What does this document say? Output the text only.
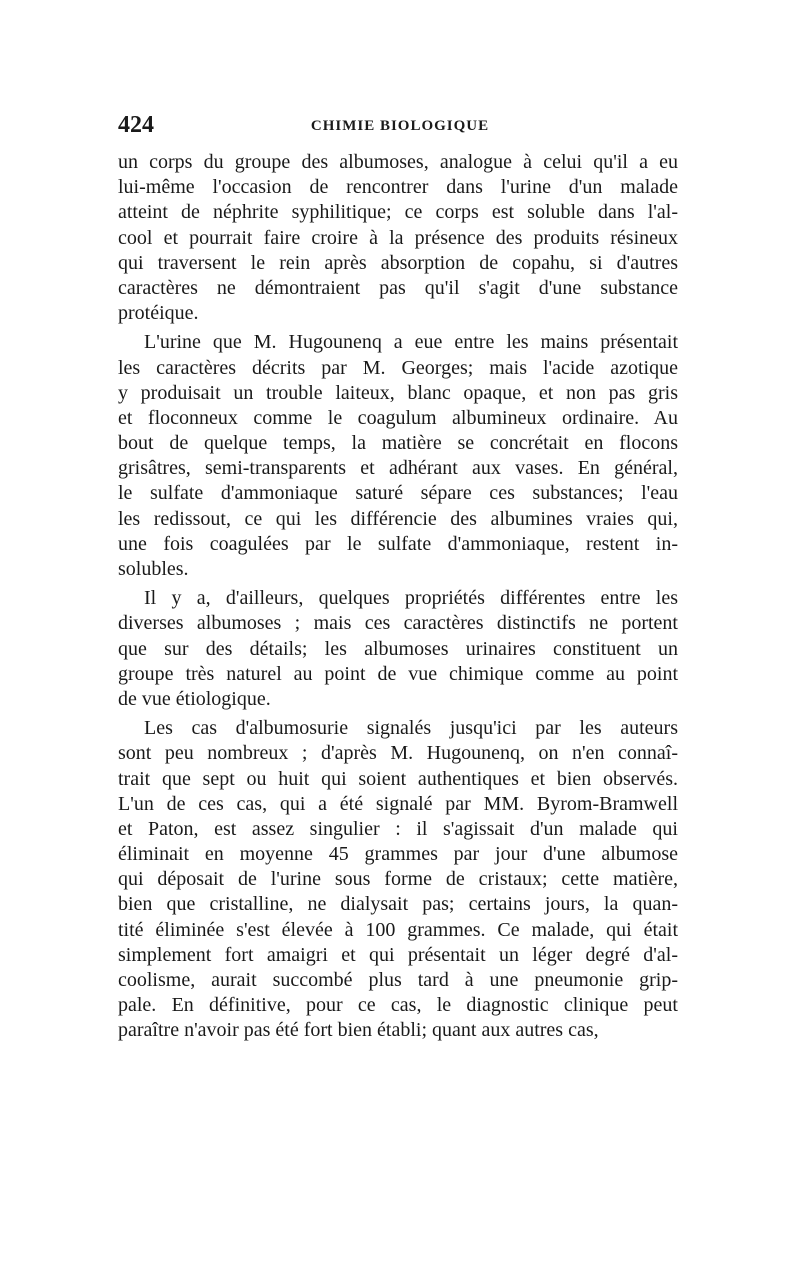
424	CHIMIE BIOLOGIQUE
un corps du groupe des albumoses, analogue à celui qu'il a eu
lui-même l'occasion de rencontrer dans l'urine d'un malade
atteint de néphrite syphilitique; ce corps est soluble dans l'al-
cool et pourrait faire croire à la présence des produits résineux
qui traversent le rein après absorption de copahu, si d'autres
caractères ne démontraient pas qu'il s'agit d'une substance
protéique.
L'urine que M. Hugounenq a eue entre les mains présentait
les caractères décrits par M. Georges; mais l'acide azotique
y produisait un trouble laiteux, blanc opaque, et non pas gris
et floconneux comme le coagulum albumineux ordinaire. Au
bout de quelque temps, la matière se concrétait en flocons
grisâtres, semi-transparents et adhérant aux vases. En général,
le sulfate d'ammoniaque saturé sépare ces substances; l'eau
les redissout, ce qui les différencie des albumines vraies qui,
une fois coagulées par le sulfate d'ammoniaque, restent in-
solubles.
Il y a, d'ailleurs, quelques propriétés différentes entre les
diverses albumoses ; mais ces caractères distinctifs ne portent
que sur des détails; les albumoses urinaires constituent un
groupe très naturel au point de vue chimique comme au point
de vue étiologique.
Les cas d'albumosurie signalés jusqu'ici par les auteurs
sont peu nombreux ; d'après M. Hugounenq, on n'en connaî-
trait que sept ou huit qui soient authentiques et bien observés.
L'un de ces cas, qui a été signalé par MM. Byrom-Bramwell
et Paton, est assez singulier : il s'agissait d'un malade qui
éliminait en moyenne 45 grammes par jour d'une albumose
qui déposait de l'urine sous forme de cristaux; cette matière,
bien que cristalline, ne dialysait pas; certains jours, la quan-
tité éliminée s'est élevée à 100 grammes. Ce malade, qui était
simplement fort amaigri et qui présentait un léger degré d'al-
coolisme, aurait succombé plus tard à une pneumonie grip-
pale. En définitive, pour ce cas, le diagnostic clinique peut
paraître n'avoir pas été fort bien établi; quant aux autres cas,
